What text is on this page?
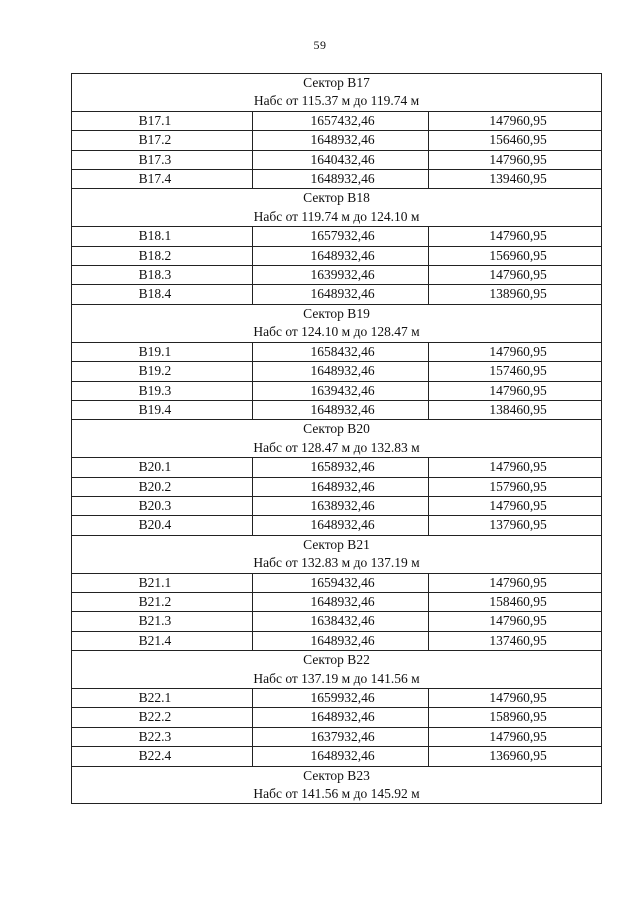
59
Сектор В17		
Набс от 115.37 м до 119.74 м		
В17.1	1657432,46	147960,95
В17.2	1648932,46	156460,95
В17.3	1640432,46	147960,95
В17.4	1648932,46	139460,95
Сектор В18		
Набс от 119.74 м до 124.10 м		
В18.1	1657932,46	147960,95
В18.2	1648932,46	156960,95
В18.3	1639932,46	147960,95
В18.4	1648932,46	138960,95
Сектор В19		
Набс от 124.10 м до 128.47 м		
В19.1	1658432,46	147960,95
В19.2	1648932,46	157460,95
В19.3	1639432,46	147960,95
В19.4	1648932,46	138460,95
Сектор В20		
Набс от 128.47 м до 132.83 м		
В20.1	1658932,46	147960,95
В20.2	1648932,46	157960,95
В20.3	1638932,46	147960,95
В20.4	1648932,46	137960,95
Сектор В21		
Набс от 132.83 м до 137.19 м		
В21.1	1659432,46	147960,95
В21.2	1648932,46	158460,95
В21.3	1638432,46	147960,95
В21.4	1648932,46	137460,95
Сектор В22		
Набс от 137.19 м до 141.56 м		
В22.1	1659932,46	147960,95
В22.2	1648932,46	158960,95
В22.3	1637932,46	147960,95
В22.4	1648932,46	136960,95
Сектор В23		
Набс от 141.56 м до 145.92 м		
